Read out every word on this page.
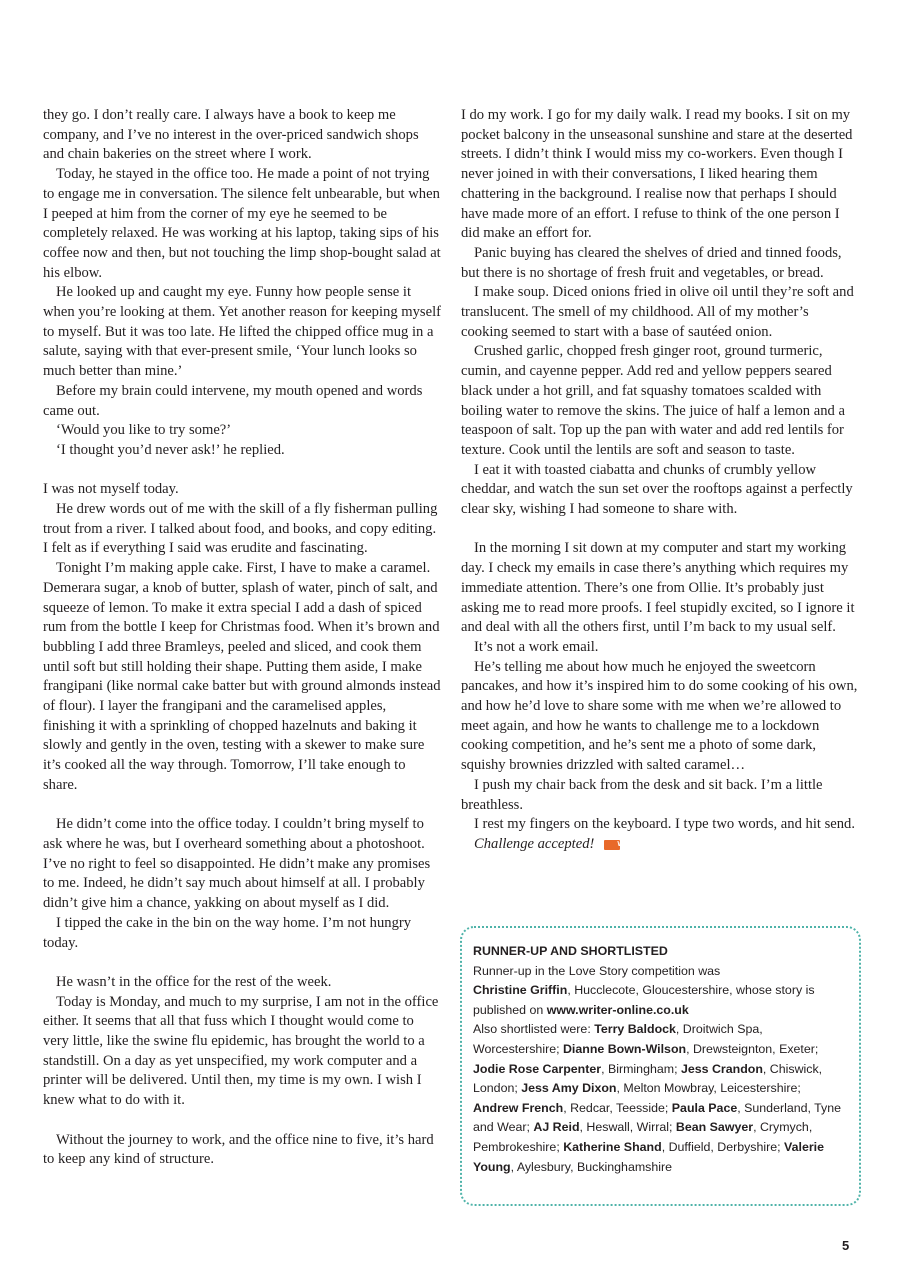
they go. I don’t really care. I always have a book to keep me company, and I’ve no interest in the over-priced sandwich shops and chain bakeries on the street where I work.

Today, he stayed in the office too. He made a point of not trying to engage me in conversation. The silence felt unbearable, but when I peeped at him from the corner of my eye he seemed to be completely relaxed. He was working at his laptop, taking sips of his coffee now and then, but not touching the limp shop-bought salad at his elbow.

He looked up and caught my eye. Funny how people sense it when you’re looking at them. Yet another reason for keeping myself to myself. But it was too late. He lifted the chipped office mug in a salute, saying with that ever-present smile, ‘Your lunch looks so much better than mine.’

Before my brain could intervene, my mouth opened and words came out.

‘Would you like to try some?’

‘I thought you’d never ask!’ he replied.

I was not myself today.

He drew words out of me with the skill of a fly fisherman pulling trout from a river. I talked about food, and books, and copy editing. I felt as if everything I said was erudite and fascinating.

Tonight I’m making apple cake. First, I have to make a caramel. Demerara sugar, a knob of butter, splash of water, pinch of salt, and squeeze of lemon. To make it extra special I add a dash of spiced rum from the bottle I keep for Christmas food. When it’s brown and bubbling I add three Bramleys, peeled and sliced, and cook them until soft but still holding their shape. Putting them aside, I make frangipani (like normal cake batter but with ground almonds instead of flour). I layer the frangipani and the caramelised apples, finishing it with a sprinkling of chopped hazelnuts and baking it slowly and gently in the oven, testing with a skewer to make sure it’s cooked all the way through. Tomorrow, I’ll take enough to share.

He didn’t come into the office today. I couldn’t bring myself to ask where he was, but I overheard something about a photoshoot. I’ve no right to feel so disappointed. He didn’t make any promises to me. Indeed, he didn’t say much about himself at all. I probably didn’t give him a chance, yakking on about myself as I did.

I tipped the cake in the bin on the way home. I’m not hungry today.

He wasn’t in the office for the rest of the week.

Today is Monday, and much to my surprise, I am not in the office either. It seems that all that fuss which I thought would come to very little, like the swine flu epidemic, has brought the world to a standstill. On a day as yet unspecified, my work computer and a printer will be delivered. Until then, my time is my own. I wish I knew what to do with it.

Without the journey to work, and the office nine to five, it’s hard to keep any kind of structure.

I do my work. I go for my daily walk. I read my books. I sit on my pocket balcony in the unseasonal sunshine and stare at the deserted streets. I didn’t think I would miss my co-workers. Even though I never joined in with their conversations, I liked hearing them chattering in the background. I realise now that perhaps I should have made more of an effort. I refuse to think of the one person I did make an effort for.

Panic buying has cleared the shelves of dried and tinned foods, but there is no shortage of fresh fruit and vegetables, or bread.

I make soup. Diced onions fried in olive oil until they’re soft and translucent. The smell of my childhood. All of my mother’s cooking seemed to start with a base of sautéed onion.

Crushed garlic, chopped fresh ginger root, ground turmeric, cumin, and cayenne pepper. Add red and yellow peppers seared black under a hot grill, and fat squashy tomatoes scalded with boiling water to remove the skins. The juice of half a lemon and a teaspoon of salt. Top up the pan with water and add red lentils for texture. Cook until the lentils are soft and season to taste.

I eat it with toasted ciabatta and chunks of crumbly yellow cheddar, and watch the sun set over the rooftops against a perfectly clear sky, wishing I had someone to share with.

In the morning I sit down at my computer and start my working day. I check my emails in case there’s anything which requires my immediate attention. There’s one from Ollie. It’s probably just asking me to read more proofs. I feel stupidly excited, so I ignore it and deal with all the others first, until I’m back to my usual self.

It’s not a work email.

He’s telling me about how much he enjoyed the sweetcorn pancakes, and how it’s inspired him to do some cooking of his own, and how he’d love to share some with me when we’re allowed to meet again, and how he wants to challenge me to a lockdown cooking competition, and he’s sent me a photo of some dark, squishy brownies drizzled with salted caramel…

I push my chair back from the desk and sit back. I’m a little breathless.

I rest my fingers on the keyboard. I type two words, and hit send.

Challenge accepted!	WM

RUNNER-UP AND SHORTLISTED

Runner-up in the Love Story competition was

Christine Griffin, Hucclecote, Gloucestershire, whose story is published on www.writer-online.co.uk

Also shortlisted were: Terry Baldock, Droitwich Spa, Worcestershire; Dianne Bown-Wilson, Drewsteignton, Exeter; Jodie Rose Carpenter, Birmingham; Jess Crandon, Chiswick, London; Jess Amy Dixon, Melton Mowbray, Leicestershire; Andrew French, Redcar, Teesside; Paula Pace, Sunderland, Tyne and Wear; AJ Reid, Heswall, Wirral; Bean Sawyer, Crymych, Pembrokeshire; Katherine Shand, Duffield, Derbyshire; Valerie Young, Aylesbury, Buckinghamshire

5
